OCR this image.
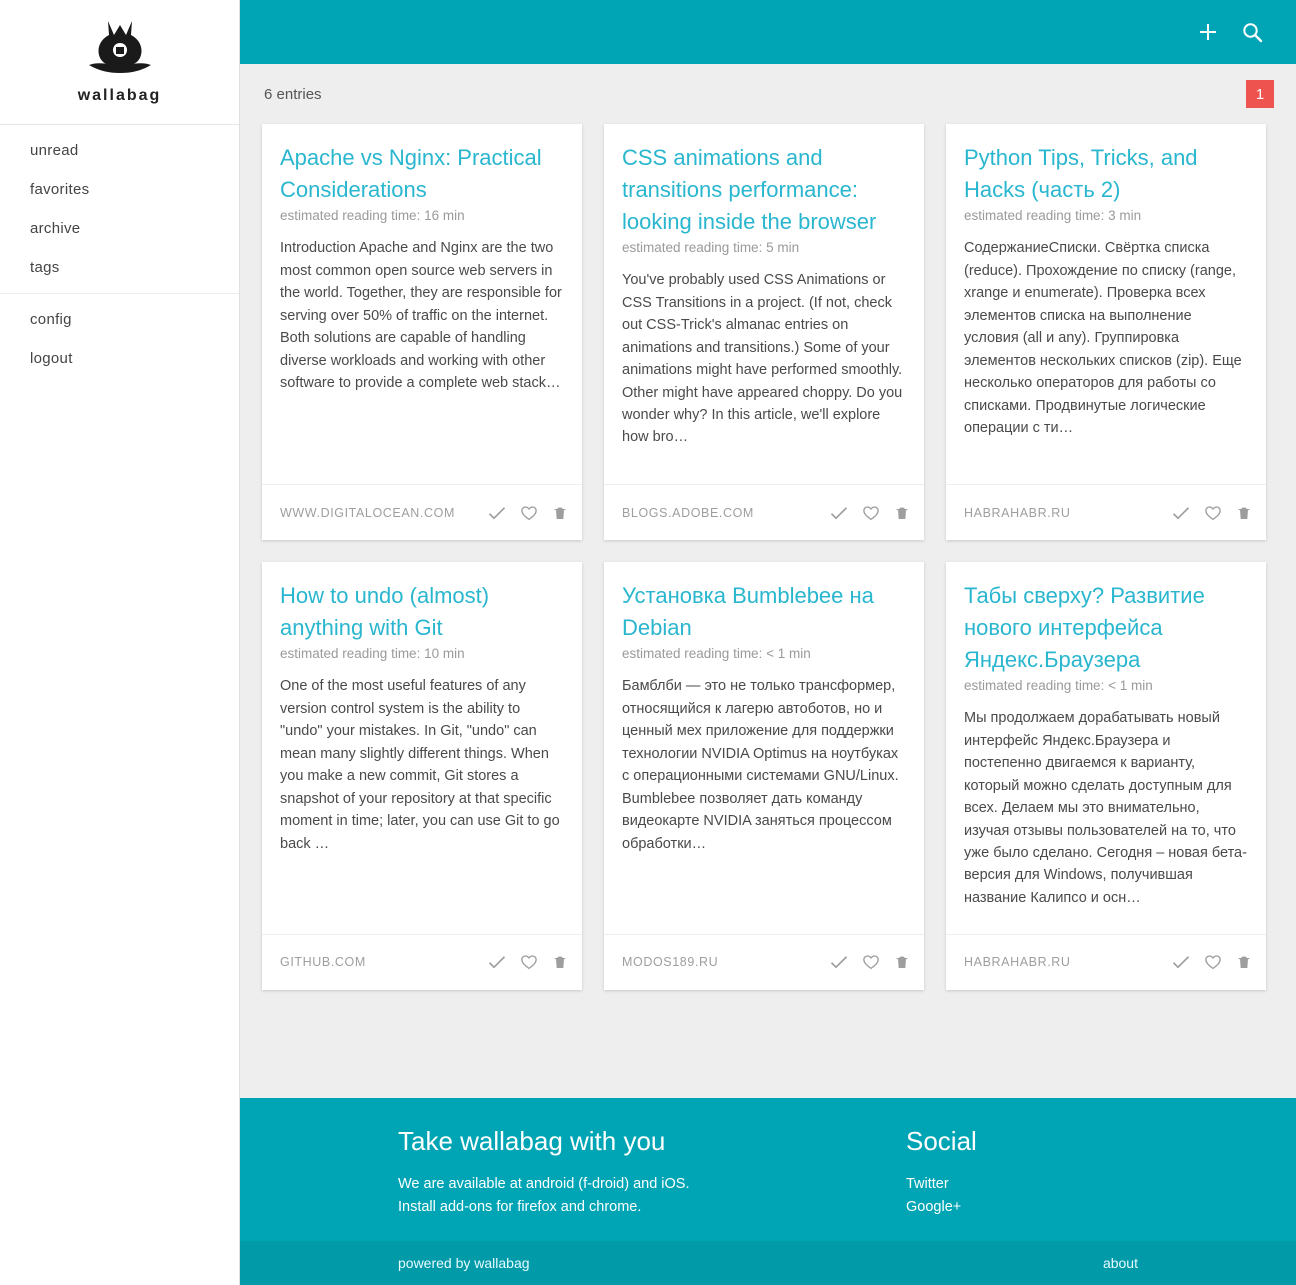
wallabag
unread
favorites
archive
tags
config
logout
6 entries	1
Apache vs Nginx: Practical Considerations
estimated reading time: 16 min

Introduction Apache and Nginx are the two most common open source web servers in the world. Together, they are responsible for serving over 50% of traffic on the internet. Both solutions are capable of handling diverse workloads and working with other software to provide a complete web stack…

WWW.DIGITALOCEAN.COM
CSS animations and transitions performance: looking inside the browser
estimated reading time: 5 min

You've probably used CSS Animations or CSS Transitions in a project. (If not, check out CSS-Trick's almanac entries on animations and transitions.) Some of your animations might have performed smoothly. Other might have appeared choppy. Do you wonder why? In this article, we'll explore how bro…

BLOGS.ADOBE.COM
Python Tips, Tricks, and Hacks (часть 2)
estimated reading time: 3 min

СодержаниеСписки. Свёртка списка (reduce). Прохождение по списку (range, xrange и enumerate). Проверка всех элементов списка на выполнение условия (all и any). Группировка элементов нескольких списков (zip). Еще несколько операторов для работы со списками. Продвинутые логические операции с ти…

HABRAHABR.RU
How to undo (almost) anything with Git
estimated reading time: 10 min

One of the most useful features of any version control system is the ability to "undo" your mistakes. In Git, "undo" can mean many slightly different things. When you make a new commit, Git stores a snapshot of your repository at that specific moment in time; later, you can use Git to go back …

GITHUB.COM
Установка Bumblebee на Debian
estimated reading time: < 1 min

Бамблби — это не только трансформер, относящийся к лагерю автоботов, но и ценный мех приложение для поддержки технологии NVIDIA Optimus на ноутбуках с операционными системами GNU/Linux. Bumblebee позволяет дать команду видеокарте NVIDIA заняться процессом обработки…

MODOS189.RU
Табы сверху? Развитие нового интерфейса Яндекс.Браузера
estimated reading time: < 1 min

Мы продолжаем дорабатывать новый интерфейс Яндекс.Браузера и постепенно двигаемся к варианту, который можно сделать доступным для всех. Делаем мы это внимательно, изучая отзывы пользователей на то, что уже было сделано. Сегодня – новая бета-версия для Windows, получившая название Калипсо и осн…

HABRAHABR.RU
Take wallabag with you
We are available at android (f-droid) and iOS.
Install add-ons for firefox and chrome.
Social
Twitter
Google+
powered by wallabag	about
